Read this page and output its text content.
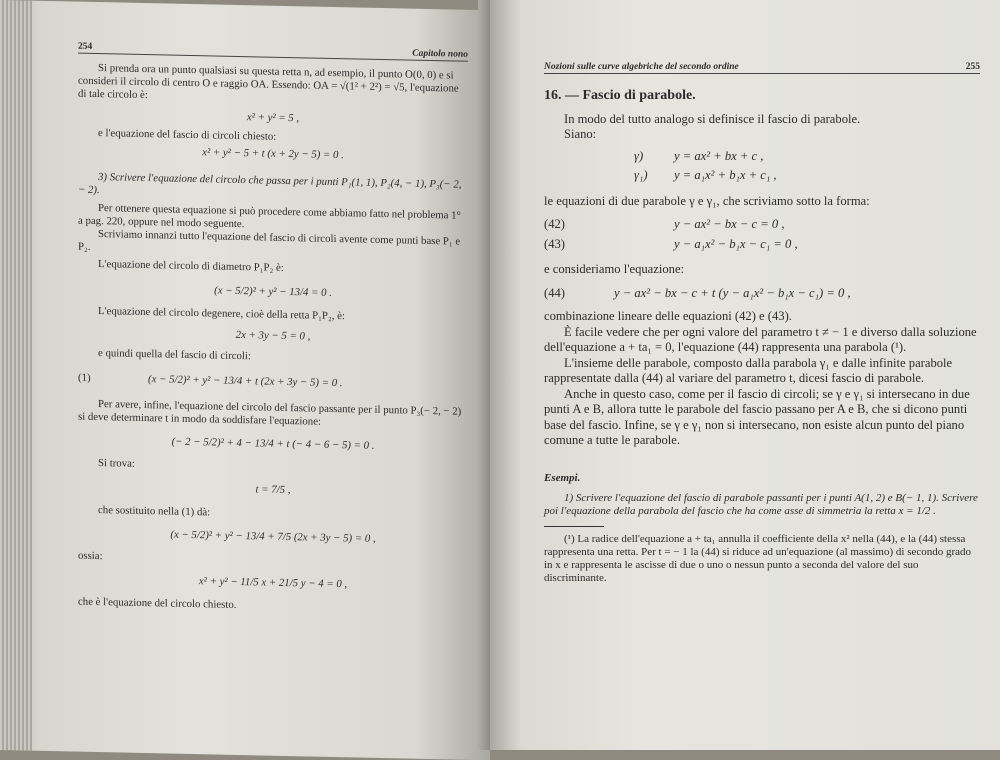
254
Capitolo nono

Si prenda ora un punto qualsiasi su questa retta n, ad esempio, il punto O(0, 0) e si consideri il circolo di centro O e raggio OA. Essendo: OA = √(1² + 2²) = √5, l'equazione di tale circolo è:

x² + y² = 5 ,

e l'equazione del fascio di circoli chiesto:

x² + y² − 5 + t (x + 2y − 5) = 0 .

3) Scrivere l'equazione del circolo che passa per i punti P₁(1, 1), P₂(4, − 1), P₃(− 2, − 2).

Per ottenere questa equazione si può procedere come abbiamo fatto nel problema 1° a pag. 220, oppure nel modo seguente.

Scriviamo innanzi tutto l'equazione del fascio di circoli avente come punti base P₁ e P₂.

L'equazione del circolo di diametro P₁P₂ è:

(x − 5/2)² + y² − 13/4 = 0 .

L'equazione del circolo degenere, cioè della retta P₁P₂, è:

2x + 3y − 5 = 0 ,

e quindi quella del fascio di circoli:

(1)	(x − 5/2)² + y² − 13/4 + t (2x + 3y − 5) = 0 .

Per avere, infine, l'equazione del circolo del fascio passante per il punto P₃(− 2, − 2) si deve determinare t in modo da soddisfare l'equazione:

(− 2 − 5/2)² + 4 − 13/4 + t (− 4 − 6 − 5) = 0 .

Si trova:

t = 7/5 ,

che sostituito nella (1) dà:

(x − 5/2)² + y² − 13/4 + 7/5 (2x + 3y − 5) = 0 ,

ossia:

x² + y² − 11/5 x + 21/5 y − 4 = 0 ,

che è l'equazione del circolo chiesto.

Nozioni sulle curve algebriche del secondo ordine	255

16. — Fascio di parabole.

In modo del tutto analogo si definisce il fascio di parabole.

Siano:

γ)	y = ax² + bx + c ,
γ₁)	y = a₁x² + b₁x + c₁ ,

le equazioni di due parabole γ e γ₁, che scriviamo sotto la forma:

(42)	y − ax² − bx − c = 0 ,
(43)	y − a₁x² − b₁x − c₁ = 0 ,

e consideriamo l'equazione:

(44)	y − ax² − bx − c + t (y − a₁x² − b₁x − c₁) = 0 ,

combinazione lineare delle equazioni (42) e (43).

È facile vedere che per ogni valore del parametro t ≠ − 1 e diverso dalla soluzione dell'equazione a + ta₁ = 0, l'equazione (44) rappresenta una parabola (¹).

L'insieme delle parabole, composto dalla parabola γ₁ e dalle infinite parabole rappresentate dalla (44) al variare del parametro t, dicesi fascio di parabole.

Anche in questo caso, come per il fascio di circoli; se γ e γ₁ si intersecano in due punti A e B, allora tutte le parabole del fascio passano per A e B, che si dicono punti base del fascio. Infine, se γ e γ₁ non si intersecano, non esiste alcun punto del piano comune a tutte le parabole.

Esempi.

1) Scrivere l'equazione del fascio di parabole passanti per i punti A(1, 2) e B(− 1, 1). Scrivere poi l'equazione della parabola del fascio che ha come asse di simmetria la retta x = 1/2 .

(¹) La radice dell'equazione a + ta₁ annulla il coefficiente della x² nella (44), e la (44) stessa rappresenta una retta. Per t = − 1 la (44) si riduce ad un'equazione (al massimo) di secondo grado in x e rappresenta le ascisse di due o uno o nessun punto a seconda del valore del suo discriminante.
